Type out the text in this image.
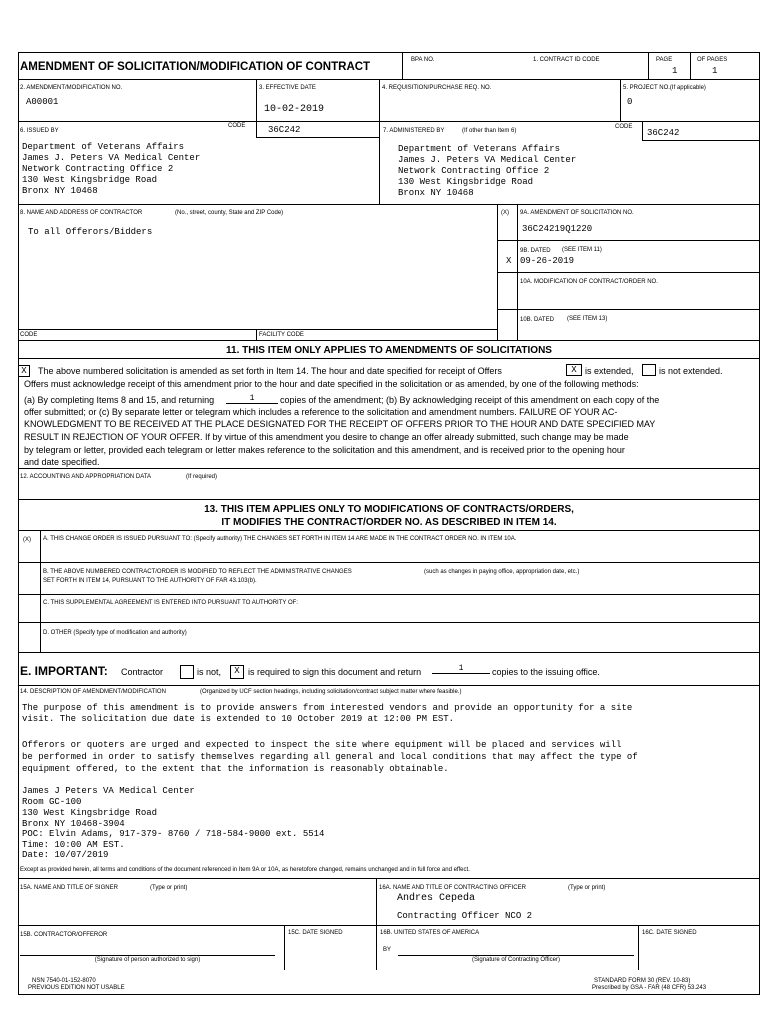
AMENDMENT OF SOLICITATION/MODIFICATION OF CONTRACT
BPA NO.	1. CONTRACT ID CODE	PAGE	OF PAGES
1	1
2. AMENDMENT/MODIFICATION NO.
A00001
3. EFFECTIVE DATE
10-02-2019
4. REQUISITION/PURCHASE REQ. NO.	5. PROJECT NO.(If applicable)
0
6. ISSUED BY
CODE	36C242
Department of Veterans Affairs
James J. Peters VA Medical Center
Network Contracting Office 2
130 West Kingsbridge Road
Bronx NY 10468
7. ADMINISTERED BY	(If other than Item 6)
CODE
36C242
Department of Veterans Affairs
James J. Peters VA Medical Center
Network Contracting Office 2
130 West Kingsbridge Road
Bronx NY 10468
8. NAME AND ADDRESS OF CONTRACTOR	(No., street, county, State and ZIP Code)
To all Offerors/Bidders
(X) 9A. AMENDMENT OF SOLICITATION NO.
36C24219Q1220
9B. DATED (SEE ITEM 11)
X 09-26-2019
10A. MODIFICATION OF CONTRACT/ORDER NO.
10B. DATED (SEE ITEM 13)
CODE	FACILITY CODE
11. THIS ITEM ONLY APPLIES TO AMENDMENTS OF SOLICITATIONS
X	The above numbered solicitation is amended as set forth in Item 14. The hour and date specified for receipt of Offers	X is extended,	is not extended.
Offers must acknowledge receipt of this amendment prior to the hour and date specified in the solicitation or as amended, by one of the following methods:
(a) By completing Items 8 and 15, and returning	1	copies of the amendment; (b) By acknowledging receipt of this amendment on each copy of the
offer submitted; or (c) By separate letter or telegram which includes a reference to the solicitation and amendment numbers. FAILURE OF YOUR AC-
KNOWLEDGMENT TO BE RECEIVED AT THE PLACE DESIGNATED FOR THE RECEIPT OF OFFERS PRIOR TO THE HOUR AND DATE SPECIFIED MAY
RESULT IN REJECTION OF YOUR OFFER. If by virtue of this amendment you desire to change an offer already submitted, such change may be made
by telegram or letter, provided each telegram or letter makes reference to the solicitation and this amendment, and is received prior to the opening hour
and date specified.
12. ACCOUNTING AND APPROPRIATION DATA	(If required)
13. THIS ITEM APPLIES ONLY TO MODIFICATIONS OF CONTRACTS/ORDERS,
IT MODIFIES THE CONTRACT/ORDER NO. AS DESCRIBED IN ITEM 14.
(X) A. THIS CHANGE ORDER IS ISSUED PURSUANT TO: (Specify authority) THE CHANGES SET FORTH IN ITEM 14 ARE MADE IN THE CONTRACT ORDER NO. IN ITEM 10A.
B. THE ABOVE NUMBERED CONTRACT/ORDER IS MODIFIED TO REFLECT THE ADMINISTRATIVE CHANGES	(such as changes in paying office, appropriation date, etc.)
SET FORTH IN ITEM 14, PURSUANT TO THE AUTHORITY OF FAR 43.103(b).
C. THIS SUPPLEMENTAL AGREEMENT IS ENTERED INTO PURSUANT TO AUTHORITY OF:
D. OTHER (Specify type of modification and authority)
E. IMPORTANT: Contractor	is not,	X is required to sign this document and return	1	copies to the issuing office.
14. DESCRIPTION OF AMENDMENT/MODIFICATION	(Organized by UCF section headings, including solicitation/contract subject matter where feasible.)
The purpose of this amendment is to provide answers from interested vendors and provide an opportunity for a site
visit. The solicitation due date is extended to 10 October 2019 at 12:00 PM EST.
Offerors or quoters are urged and expected to inspect the site where equipment will be placed and services will
be performed in order to satisfy themselves regarding all general and local conditions that may affect the type of
equipment offered, to the extent that the information is reasonably obtainable.
James J Peters VA Medical Center
Room GC-100
130 West Kingsbridge Road
Bronx NY 10468-3904
POC: Elvin Adams, 917-379- 8760 / 718-584-9000 ext. 5514
Time: 10:00 AM EST.
Date: 10/07/2019
Except as provided herein, all terms and conditions of the document referenced in Item 9A or 10A, as heretofore changed, remains unchanged and in full force and effect.
15A. NAME AND TITLE OF SIGNER	(Type or print)	16A. NAME AND TITLE OF CONTRACTING OFFICER	(Type or print)
Andres Cepeda
Contracting Officer NCO 2
15B. CONTRACTOR/OFFEROR	15C. DATE SIGNED	16B. UNITED STATES OF AMERICA	16C. DATE SIGNED
(Signature of person authorized to sign)
BY
(Signature of Contracting Officer)
NSN 7540-01-152-8070
PREVIOUS EDITION NOT USABLE
STANDARD FORM 30 (REV. 10-83)
Prescribed by GSA - FAR (48 CFR) 53.243
